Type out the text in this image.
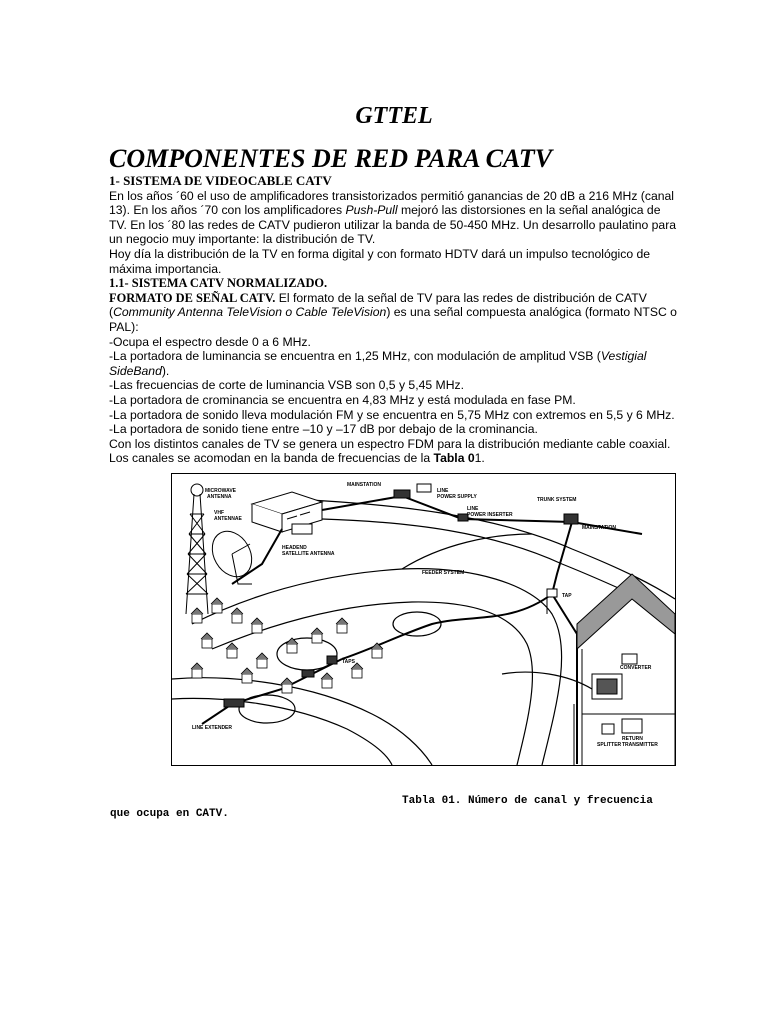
GTTEL
COMPONENTES DE RED PARA CATV

1- SISTEMA DE VIDEOCABLE CATV

En los años ´60 el uso de amplificadores transistorizados permitió ganancias de 20 dB a 216 MHz (canal 13). En los años ´70 con los amplificadores Push-Pull mejoró las distorsiones en la señal analógica de TV. En los ´80 las redes de CATV pudieron utilizar la banda de 50-450 MHz. Un desarrollo paulatino para un negocio muy importante: la distribución de TV.

Hoy día la distribución de la TV en forma digital y con formato HDTV dará un impulso tecnológico de máxima importancia.

1.1- SISTEMA CATV NORMALIZADO.

FORMATO DE SEÑAL CATV. El formato de la señal de TV para las redes de distribución de CATV (Community Antenna TeleVision o Cable TeleVision) es una señal compuesta analógica (formato NTSC o PAL):

-Ocupa el espectro desde 0 a 6 MHz.

-La portadora de luminancia se encuentra en 1,25 MHz, con modulación de amplitud VSB (Vestigial SideBand).

-Las frecuencias de corte de luminancia VSB son 0,5 y 5,45 MHz.

-La portadora de crominancia se encuentra en 4,83 MHz y está modulada en fase PM.

-La portadora de sonido lleva modulación FM y se encuentra en 5,75 MHz con extremos en 5,5 y 6 MHz.

-La portadora de sonido tiene entre –10 y –17 dB por debajo de la crominancia.

Con los distintos canales de TV se genera un espectro FDM para la distribución mediante cable coaxial. Los canales se acomodan en la banda de frecuencias de la Tabla 01.

MICROWAVE
ANTENNA
VHF
ANTENNAE
MAINSTATION
LINE
POWER SUPPLY	TRUNK SYSTEM
LINE
POWER INSERTER
MAINSTATION
HEADEND
SATELLITE ANTENNA
FEEDER SYSTEM
TAP
TAPS
LINE EXTENDER
CONVERTER
SPLITTER
RETURN
TRANSMITTER
Tabla 01. Número de canal y frecuencia
que ocupa en CATV.
